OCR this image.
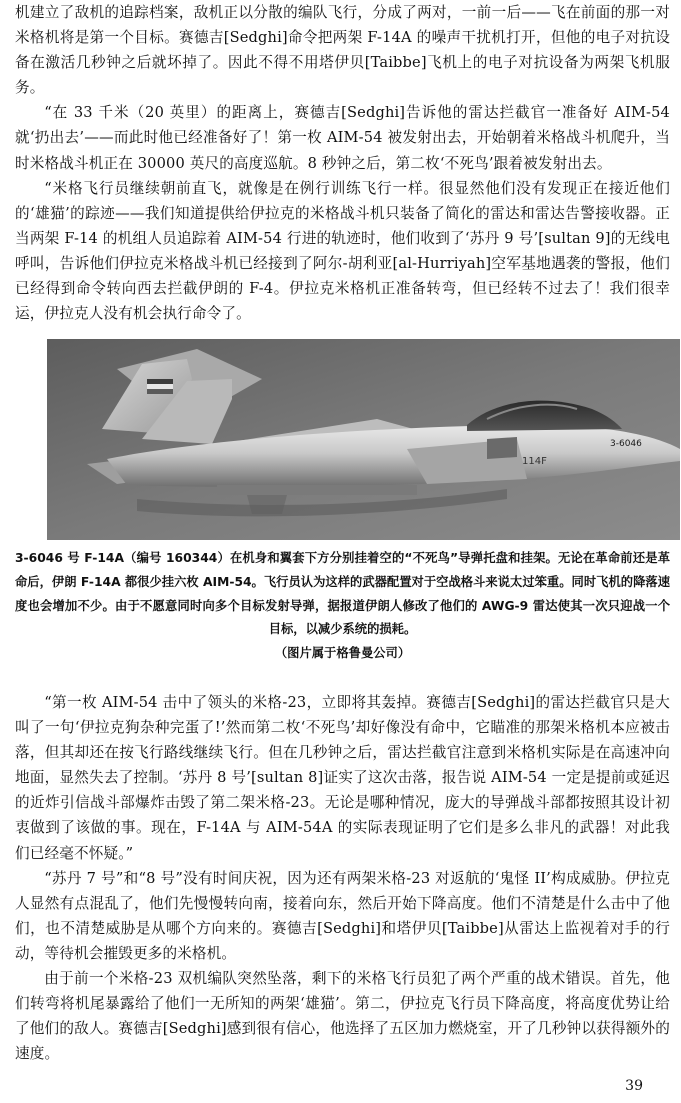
机建立了敌机的追踪档案，敌机正以分散的编队飞行，分成了两对，一前一后——飞在前面的那一对米格机将是第一个目标。赛德吉[Sedghi]命令把两架 F-14A 的噪声干扰机打开，但他的电子对抗设备在激活几秒钟之后就坏掉了。因此不得不用塔伊贝[Taibbe]飞机上的电子对抗设备为两架飞机服务。

“在 33 千米（20 英里）的距离上，赛德吉[Sedghi]告诉他的雷达拦截官一准备好 AIM-54 就‘扔出去’——而此时他已经准备好了！第一枚 AIM-54 被发射出去，开始朝着米格战斗机爬升，当时米格战斗机正在 30000 英尺的高度巡航。8 秒钟之后，第二枚‘不死鸟’跟着被发射出去。

“米格飞行员继续朝前直飞，就像是在例行训练飞行一样。很显然他们没有发现正在接近他们的‘雄猫’的踪迹——我们知道提供给伊拉克的米格战斗机只装备了简化的雷达和雷达告警接收器。正当两架 F-14 的机组人员追踪着 AIM-54 行进的轨迹时，他们收到了‘苏丹 9 号’[sultan 9]的无线电呼叫，告诉他们伊拉克米格战斗机已经接到了阿尔-胡利亚[al-Hurriyah]空军基地遇袭的警报，他们已经得到命令转向西去拦截伊朗的 F-4。伊拉克米格机正准备转弯，但已经转不过去了！我们很幸运，伊拉克人没有机会执行命令了。

3-6046
114F
3-6046 号 F-14A（编号 160344）在机身和翼套下方分别挂着空的“不死鸟”导弹托盘和挂架。无论在革命前还是革命后，伊朗 F-14A 都很少挂六枚 AIM-54。飞行员认为这样的武器配置对于空战格斗来说太过笨重。同时飞机的降落速度也会增加不少。由于不愿意同时向多个目标发射导弹，据报道伊朗人修改了他们的 AWG-9 雷达使其一次只迎战一个目标，以减少系统的损耗。
（图片属于格鲁曼公司）

“第一枚 AIM-54 击中了领头的米格-23，立即将其轰掉。赛德吉[Sedghi]的雷达拦截官只是大叫了一句‘伊拉克狗杂种完蛋了!’然而第二枚‘不死鸟’却好像没有命中，它瞄准的那架米格机本应被击落，但其却还在按飞行路线继续飞行。但在几秒钟之后，雷达拦截官注意到米格机实际是在高速冲向地面，显然失去了控制。‘苏丹 8 号’[sultan 8]证实了这次击落，报告说 AIM-54 一定是提前或延迟的近炸引信战斗部爆炸击毁了第二架米格-23。无论是哪种情况，庞大的导弹战斗部都按照其设计初衷做到了该做的事。现在，F-14A 与 AIM-54A 的实际表现证明了它们是多么非凡的武器！对此我们已经毫不怀疑。”

“苏丹 7 号”和“8 号”没有时间庆祝，因为还有两架米格-23 对返航的‘鬼怪 II’构成威胁。伊拉克人显然有点混乱了，他们先慢慢转向南，接着向东，然后开始下降高度。他们不清楚是什么击中了他们，也不清楚威胁是从哪个方向来的。赛德吉[Sedghi]和塔伊贝[Taibbe]从雷达上监视着对手的行动，等待机会摧毁更多的米格机。

由于前一个米格-23 双机编队突然坠落，剩下的米格飞行员犯了两个严重的战术错误。首先，他们转弯将机尾暴露给了他们一无所知的两架‘雄猫’。第二，伊拉克飞行员下降高度，将高度优势让给了他们的敌人。赛德吉[Sedghi]感到很有信心，他选择了五区加力燃烧室，开了几秒钟以获得额外的速度。

39
